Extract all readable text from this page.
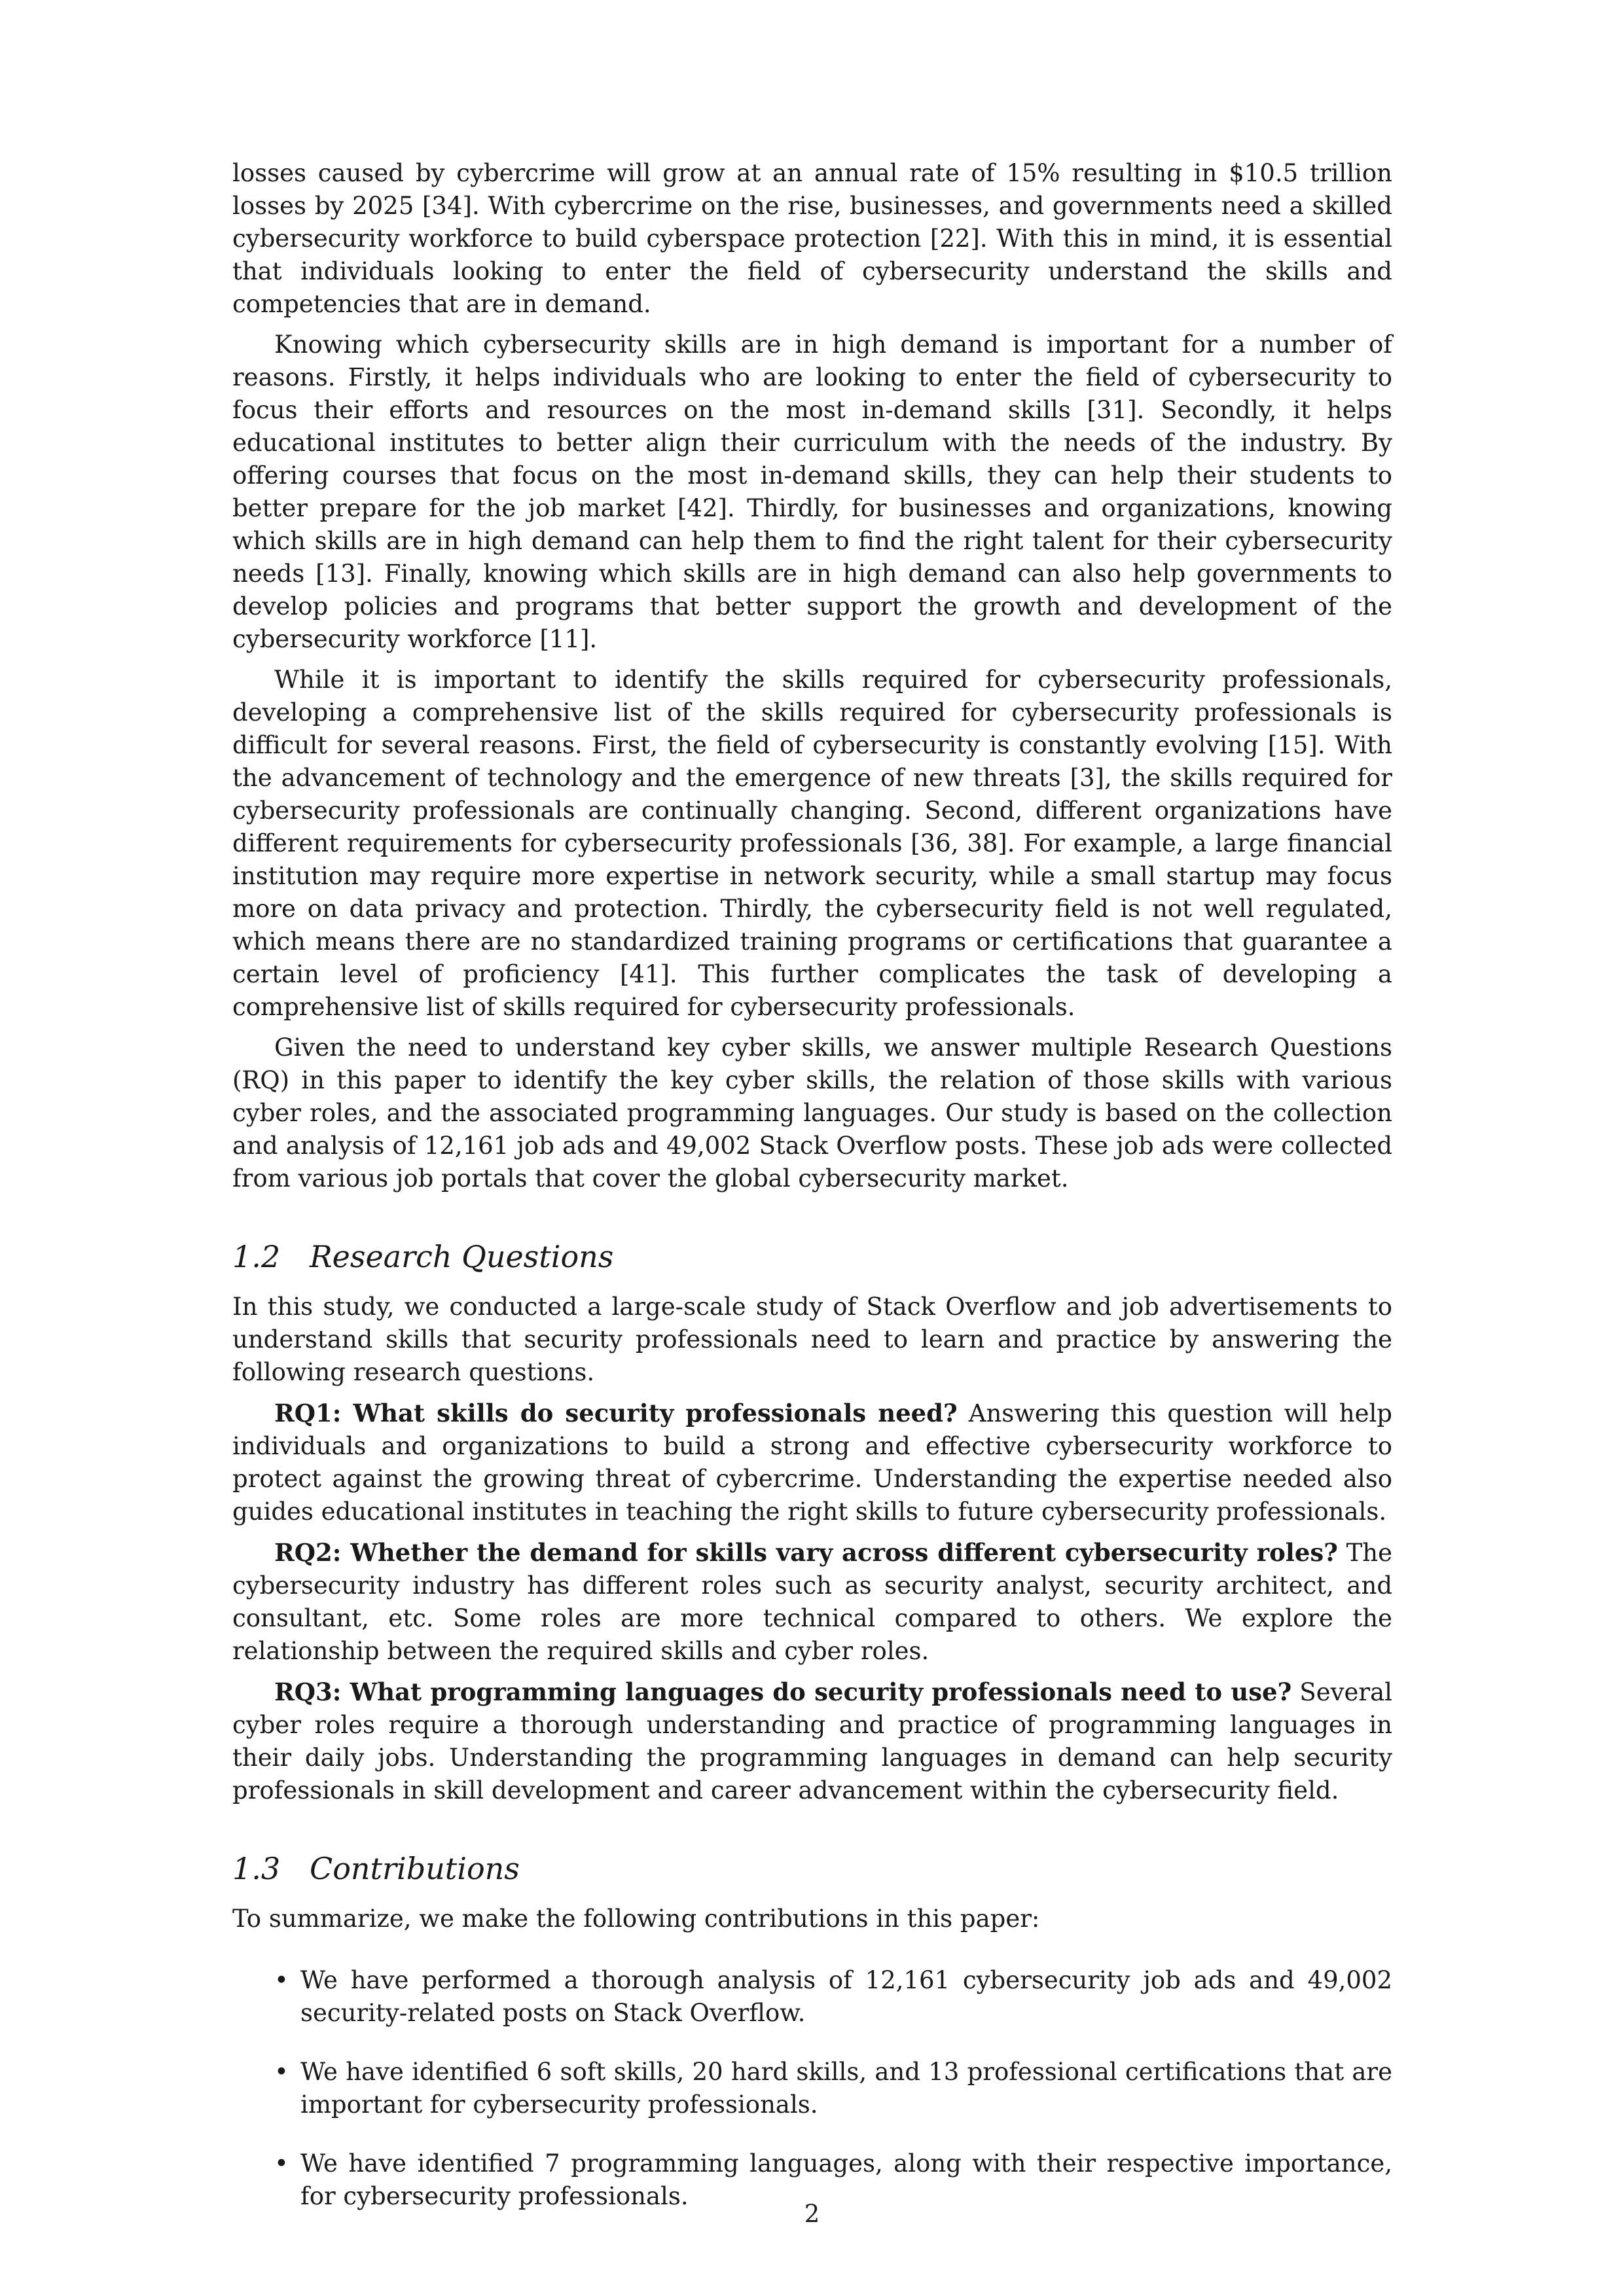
losses caused by cybercrime will grow at an annual rate of 15% resulting in $10.5 trillion losses by 2025 [34]. With cybercrime on the rise, businesses, and governments need a skilled cybersecurity workforce to build cyberspace protection [22]. With this in mind, it is essential that individuals looking to enter the field of cybersecurity understand the skills and competencies that are in demand.

Knowing which cybersecurity skills are in high demand is important for a number of reasons. Firstly, it helps individuals who are looking to enter the field of cybersecurity to focus their efforts and resources on the most in-demand skills [31]. Secondly, it helps educational institutes to better align their curriculum with the needs of the industry. By offering courses that focus on the most in-demand skills, they can help their students to better prepare for the job market [42]. Thirdly, for businesses and organizations, knowing which skills are in high demand can help them to find the right talent for their cybersecurity needs [13]. Finally, knowing which skills are in high demand can also help governments to develop policies and programs that better support the growth and development of the cybersecurity workforce [11].

While it is important to identify the skills required for cybersecurity professionals, developing a comprehensive list of the skills required for cybersecurity professionals is difficult for several reasons. First, the field of cybersecurity is constantly evolving [15]. With the advancement of technology and the emergence of new threats [3], the skills required for cybersecurity professionals are continually changing. Second, different organizations have different requirements for cybersecurity professionals [36, 38]. For example, a large financial institution may require more expertise in network security, while a small startup may focus more on data privacy and protection. Thirdly, the cybersecurity field is not well regulated, which means there are no standardized training programs or certifications that guarantee a certain level of proficiency [41]. This further complicates the task of developing a comprehensive list of skills required for cybersecurity professionals.

Given the need to understand key cyber skills, we answer multiple Research Questions (RQ) in this paper to identify the key cyber skills, the relation of those skills with various cyber roles, and the associated programming languages. Our study is based on the collection and analysis of 12,161 job ads and 49,002 Stack Overflow posts. These job ads were collected from various job portals that cover the global cybersecurity market.

1.2 Research Questions

In this study, we conducted a large-scale study of Stack Overflow and job advertisements to understand skills that security professionals need to learn and practice by answering the following research questions.

RQ1: What skills do security professionals need? Answering this question will help individuals and organizations to build a strong and effective cybersecurity workforce to protect against the growing threat of cybercrime. Understanding the expertise needed also guides educational institutes in teaching the right skills to future cybersecurity professionals.

RQ2: Whether the demand for skills vary across different cybersecurity roles? The cybersecurity industry has different roles such as security analyst, security architect, and consultant, etc. Some roles are more technical compared to others. We explore the relationship between the required skills and cyber roles.

RQ3: What programming languages do security professionals need to use? Several cyber roles require a thorough understanding and practice of programming languages in their daily jobs. Understanding the programming languages in demand can help security professionals in skill development and career advancement within the cybersecurity field.

1.3 Contributions

To summarize, we make the following contributions in this paper:

• We have performed a thorough analysis of 12,161 cybersecurity job ads and 49,002 security-related posts on Stack Overflow.

• We have identified 6 soft skills, 20 hard skills, and 13 professional certifications that are important for cybersecurity professionals.

• We have identified 7 programming languages, along with their respective importance, for cybersecurity professionals.

2
